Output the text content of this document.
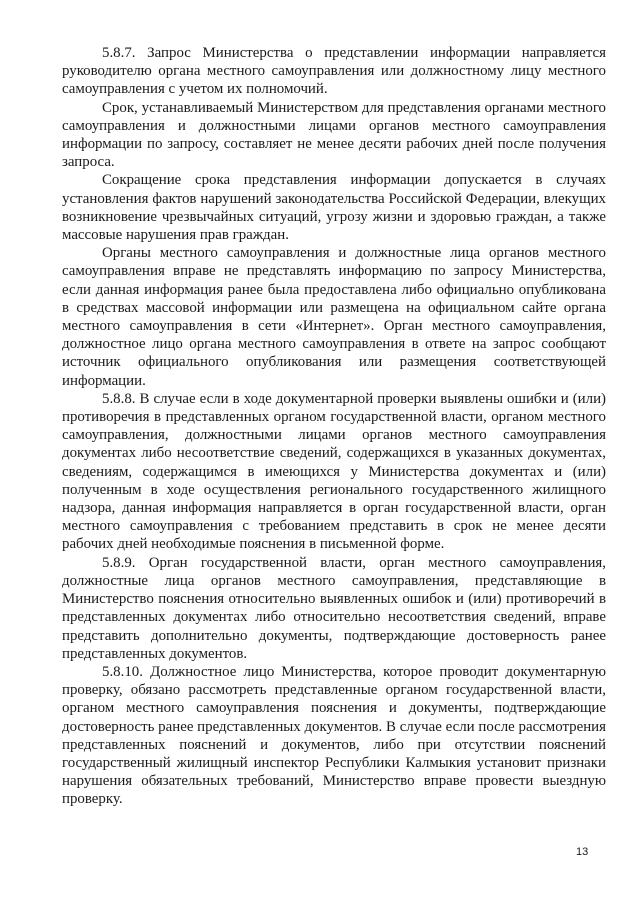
5.8.7. Запрос Министерства о представлении информации направляется руководителю органа местного самоуправления или должностному лицу местного самоуправления с учетом их полномочий.

Срок, устанавливаемый Министерством для представления органами местного самоуправления и должностными лицами органов местного самоуправления информации по запросу, составляет не менее десяти рабочих дней после получения запроса.

Сокращение срока представления информации допускается в случаях установления фактов нарушений законодательства Российской Федерации, влекущих возникновение чрезвычайных ситуаций, угрозу жизни и здоровью граждан, а также массовые нарушения прав граждан.

Органы местного самоуправления и должностные лица органов местного самоуправления вправе не представлять информацию по запросу Министерства, если данная информация ранее была предоставлена либо официально опубликована в средствах массовой информации или размещена на официальном сайте органа местного самоуправления в сети «Интернет». Орган местного самоуправления, должностное лицо органа местного самоуправления в ответе на запрос сообщают источник официального опубликования или размещения соответствующей информации.

5.8.8. В случае если в ходе документарной проверки выявлены ошибки и (или) противоречия в представленных органом государственной власти, органом местного самоуправления, должностными лицами органов местного самоуправления документах либо несоответствие сведений, содержащихся в указанных документах, сведениям, содержащимся в имеющихся у Министерства документах и (или) полученным в ходе осуществления регионального государственного жилищного надзора, данная информация направляется в орган государственной власти, орган местного самоуправления с требованием представить в срок не менее десяти рабочих дней необходимые пояснения в письменной форме.

5.8.9. Орган государственной власти, орган местного самоуправления, должностные лица органов местного самоуправления, представляющие в Министерство пояснения относительно выявленных ошибок и (или) противоречий в представленных документах либо относительно несоответствия сведений, вправе представить дополнительно документы, подтверждающие достоверность ранее представленных документов.

5.8.10. Должностное лицо Министерства, которое проводит документарную проверку, обязано рассмотреть представленные органом государственной власти, органом местного самоуправления пояснения и документы, подтверждающие достоверность ранее представленных документов. В случае если после рассмотрения представленных пояснений и документов, либо при отсутствии пояснений государственный жилищный инспектор Республики Калмыкия установит признаки нарушения обязательных требований, Министерство вправе провести выездную проверку.

13
